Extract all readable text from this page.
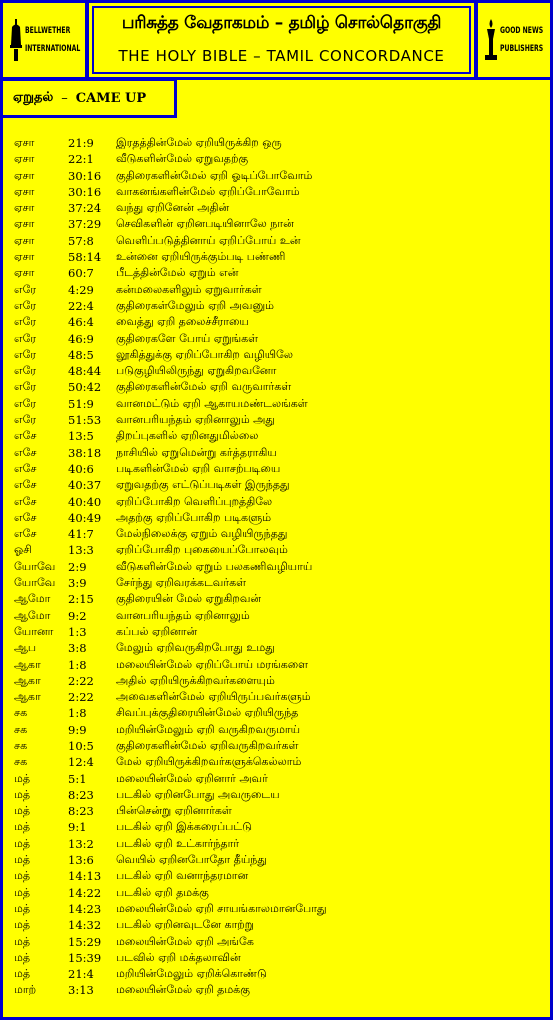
BELLWETHER
INTERNATIONAL
பரிசுத்த வேதாகமம் – தமிழ் சொல்தொகுதி
THE HOLY BIBLE – TAMIL CONCORDANCE
GOOD NEWS
PUBLISHERS
ஏறுதல் – CAME UP
ஏசா	21:9	இரதத்தின்மேல் ஏறியிருக்கிற ஒரு
ஏசா	22:1	வீடுகளின்மேல் ஏறுவதற்கு
ஏசா	30:16	குதிரைகளின்மேல் ஏறி ஓடிப்போவோம்
ஏசா	30:16	வாகனங்களின்மேல் ஏறிப்போவோம்
ஏசா	37:24	வந்து ஏறினேன் அதின்
ஏசா	37:29	செவிகளின் ஏறினபடியினாலே நான்
ஏசா	57:8	வெளிப்படுத்தினாய் ஏறிப்போய் உன்
ஏசா	58:14	உன்னை ஏறியிருக்கும்படி பண்ணி
ஏசா	60:7	பீடத்தின்மேல் ஏறும் என்
எரே	4:29	கன்மலைகளிலும் ஏறுவார்கள்
எரே	22:4	குதிரைகள்மேலும் ஏறி அவனும்
எரே	46:4	வைத்து ஏறி தலைச்சீராயை
எரே	46:9	குதிரைகளே போய் ஏறுங்கள்
எரே	48:5	லூகித்துக்கு ஏறிப்போகிற வழியிலே
எரே	48:44	படுகுழியிலிருந்து ஏறுகிறவனோ
எரே	50:42	குதிரைகளின்மேல் ஏறி வருவார்கள்
எரே	51:9	வானமட்டும் ஏறி ஆகாயமண்டலங்கள்
எரே	51:53	வானபரியந்தம் ஏறினாலும் அது
எசே	13:5	திறப்புகளில் ஏறினதுமில்லை
எசே	38:18	நாசியில் ஏறுமென்று கர்த்தராகிய
எசே	40:6	படிகளின்மேல் ஏறி வாசற்படியை
எசே	40:37	ஏறுவதற்கு எட்டுப்படிகள் இருந்தது
எசே	40:40	ஏறிப்போகிற வெளிப்புறத்திலே
எசே	40:49	அதற்கு ஏறிப்போகிற படிகளும்
எசே	41:7	மேல்நிலைக்கு ஏறும் வழியிருந்தது
ஓசி	13:3	ஏறிப்போகிற புகையைப்போலவும்
யோவே	2:9	வீடுகளின்மேல் ஏறும் பலகணிவழியாய்
யோவே	3:9	சேர்ந்து ஏறிவரக்கடவர்கள்
ஆமோ	2:15	குதிரையின் மேல் ஏறுகிறவன்
ஆமோ	9:2	வானபரியந்தம் ஏறினாலும்
யோனா	1:3	கப்பல் ஏறினான்
ஆப	3:8	மேலும் ஏறிவருகிறபோது உமது
ஆகா	1:8	மலையின்மேல் ஏறிப்போய் மரங்களை
ஆகா	2:22	அதில் ஏறியிருக்கிறவர்களையும்
ஆகா	2:22	அவைகளின்மேல் ஏறியிருப்பவர்களும்
சக	1:8	சிவப்புக்குதிரையின்மேல் ஏறியிருந்த
சக	9:9	மறியின்மேலும் ஏறி வருகிறவருமாய்
சக	10:5	குதிரைகளின்மேல் ஏறிவருகிறவர்கள்
சக	12:4	மேல் ஏறியிருக்கிறவர்களுக்கெல்லாம்
மத்	5:1	மலையின்மேல் ஏறினார் அவர்
மத்	8:23	படகில் ஏறினபோது அவருடைய
மத்	8:23	பின்சென்று ஏறினார்கள்
மத்	9:1	படகில் ஏறி இக்கரைப்பட்டு
மத்	13:2	படகில் ஏறி உட்கார்ந்தார்
மத்	13:6	வெயில் ஏறினபோதோ தீய்ந்து
மத்	14:13	படகில் ஏறி வனாந்தரமான
மத்	14:22	படகில் ஏறி தமக்கு
மத்	14:23	மலையின்மேல் ஏறி சாயங்காலமானபோது
மத்	14:32	படகில் ஏறினவுடனே காற்று
மத்	15:29	மலையின்மேல் ஏறி அங்கே
மத்	15:39	படவில் ஏறி மக்தலாவின்
மத்	21:4	மறியின்மேலும் ஏறிக்கொண்டு
மாற்	3:13	மலையின்மேல் ஏறி தமக்கு
